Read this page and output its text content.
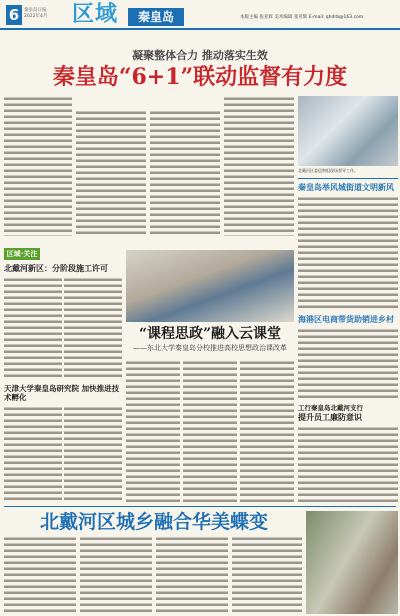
6	秦皇岛日报
2022年4月 区域	秦皇岛	本版主编 张亚辉 美术编辑 张亚辉 E-mail: qhdrb@163.com
凝聚整体合力 推动落实生效
秦皇岛“6+1”联动监督有力度
北戴河区委巡察组现场督导工作。
秦皇岛举风城街道文明新风
海港区电商带货助销进乡村
区域·关注
北戴河新区：分阶段施工许可
天津大学秦皇岛研究院 加快推进技术孵化
“课程思政”融入云课堂
——东北大学秦皇岛分校推进高校思想政治课改革
工行秦皇岛北戴河支行
提升员工廉防意识
北戴河区城乡融合华美蝶变
